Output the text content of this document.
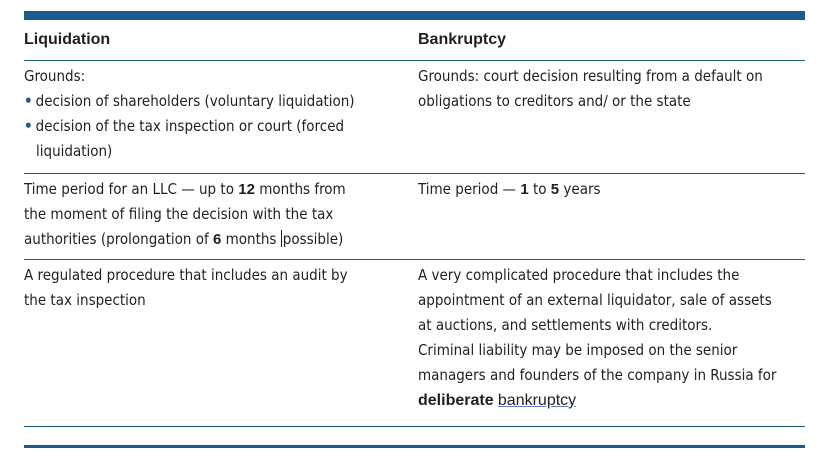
Liquidation	Bankruptcy
Grounds:
• decision of shareholders (voluntary liquidation)
• decision of the tax inspection or court (forced
liquidation)
Grounds: court decision resulting from a default on
obligations to creditors and/ or the state
Time period for an LLC — up to 12 months from
the moment of filing the decision with the tax
authorities (prolongation of 6 months possible)
Time period — 1 to 5 years
A regulated procedure that includes an audit by
the tax inspection
A very complicated procedure that includes the
appointment of an external liquidator, sale of assets
at auctions, and settlements with creditors.
Criminal liability may be imposed on the senior
managers and founders of the company in Russia for
deliberate bankruptcy
